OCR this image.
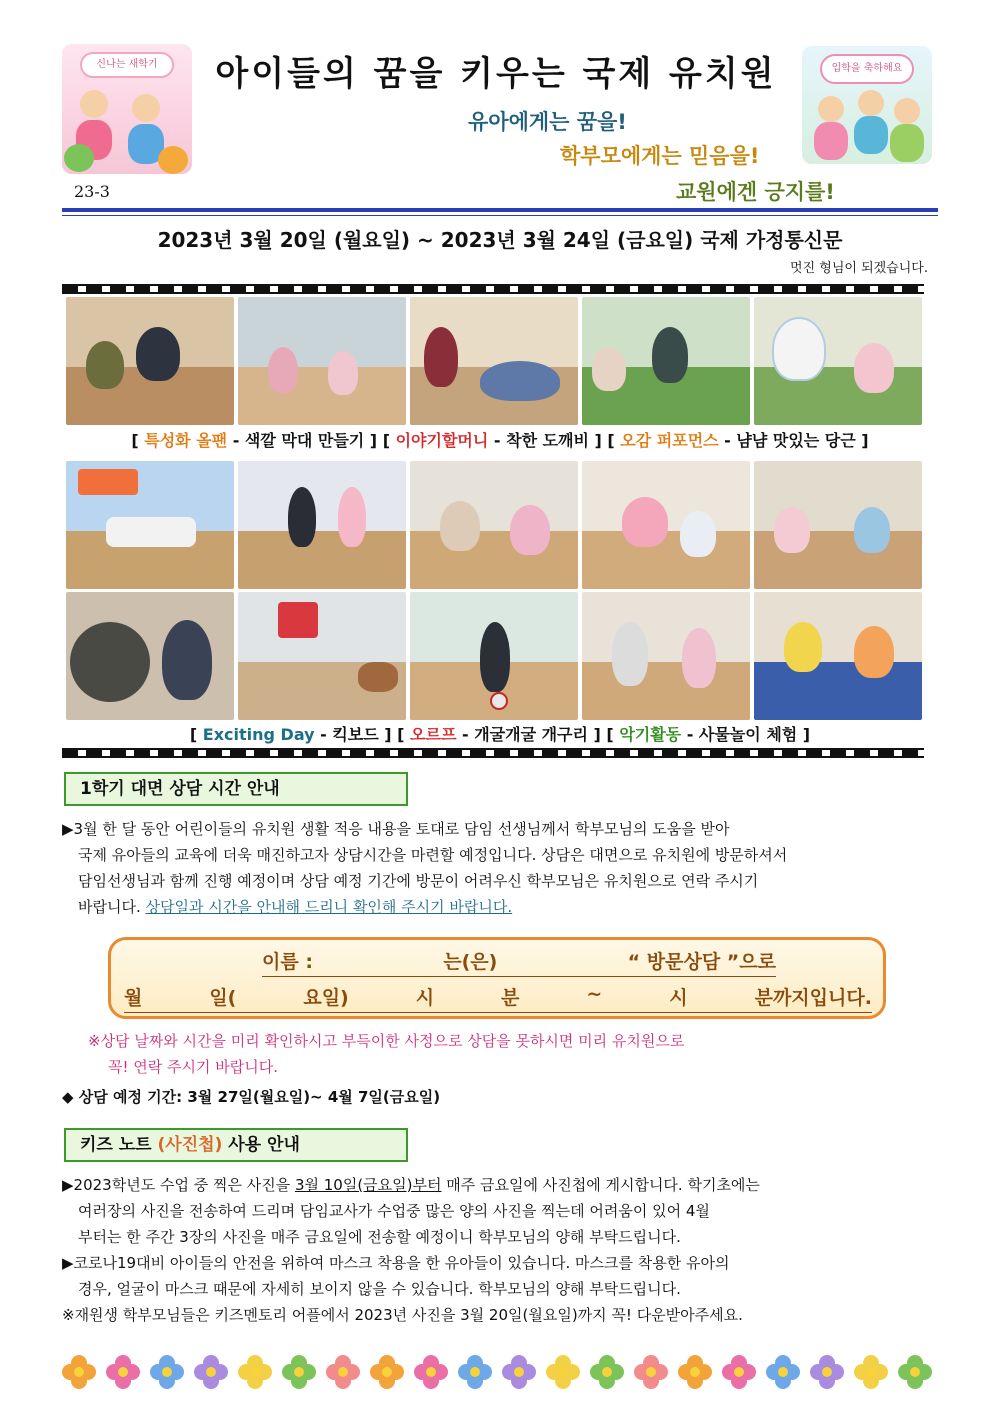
신나는 새학기	아이들의 꿈을 키우는 국제 유치원	입학을 축하해요
유아에게는 꿈을!
학부모에게는 믿음을!
교원에겐 긍지를!
23-3
2023년 3월 20일 (월요일) ~ 2023년 3월 24일 (금요일) 국제 가정통신문
멋진 형님이 되겠습니다.
[ 특성화 올팬 - 색깔 막대 만들기 ] [ 이야기할머니 - 착한 도깨비 ] [ 오감 퍼포먼스 - 냠냠 맛있는 당근 ]
[ Exciting Day - 킥보드 ] [ 오르프 - 개굴개굴 개구리 ] [ 악기활동 - 사물놀이 체험 ]
1학기 대면 상담 시간 안내
▶3월 한 달 동안 어린이들의 유치원 생활 적응 내용을 토대로 담임 선생님께서 학부모님의 도움을 받아
국제 유아들의 교육에 더욱 매진하고자 상담시간을 마련할 예정입니다. 상담은 대면으로 유치원에 방문하셔서
담임선생님과 함께 진행 예정이며 상담 예정 기간에 방문이 어려우신 학부모님은 유치원으로 연락 주시기
바랍니다. 상담일과 시간을 안내해 드리니 확인해 주시기 바랍니다.
이름 :	는(은)	“ 방문상담 ”으로
월	일(	요일)	시	분	~	시	분까지입니다.
※상담 날짜와 시간을 미리 확인하시고 부득이한 사정으로 상담을 못하시면 미리 유치원으로
꼭! 연락 주시기 바랍니다.
◆ 상담 예정 기간: 3월 27일(월요일)~ 4월 7일(금요일)
키즈 노트 (사진첩) 사용 안내
▶2023학년도 수업 중 찍은 사진을 3월 10일(금요일)부터 매주 금요일에 사진첩에 게시합니다. 학기초에는
여러장의 사진을 전송하여 드리며 담임교사가 수업중 많은 양의 사진을 찍는데 어려움이 있어 4월
부터는 한 주간 3장의 사진을 매주 금요일에 전송할 예정이니 학부모님의 양해 부탁드립니다.
▶코로나19대비 아이들의 안전을 위하여 마스크 착용을 한 유아들이 있습니다. 마스크를 착용한 유아의
경우, 얼굴이 마스크 때문에 자세히 보이지 않을 수 있습니다. 학부모님의 양해 부탁드립니다.
※재원생 학부모님들은 키즈멘토리 어플에서 2023년 사진을 3월 20일(월요일)까지 꼭! 다운받아주세요.
